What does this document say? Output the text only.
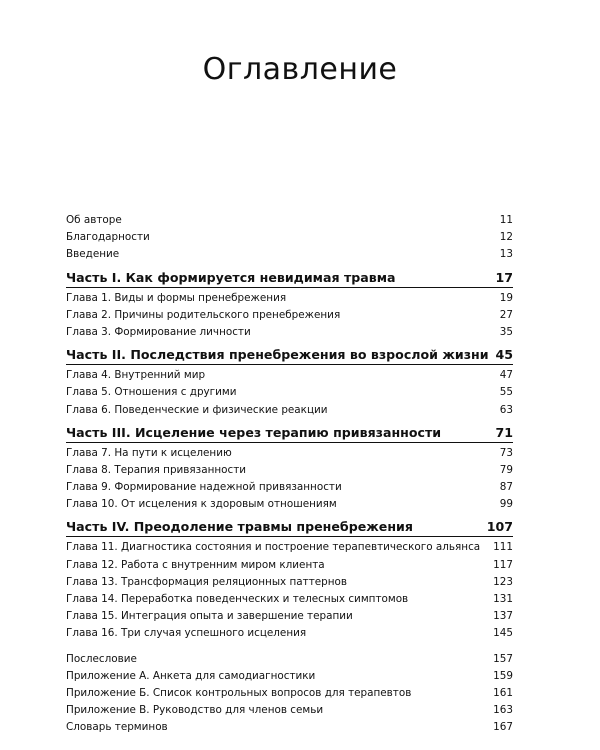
Оглавление
Об авторе	11
Благодарности	12
Введение	13
Часть I. Как формируется невидимая травма	17
Глава 1. Виды и формы пренебрежения	19
Глава 2. Причины родительского пренебрежения	27
Глава 3. Формирование личности	35
Часть II. Последствия пренебрежения во взрослой жизни 45
Глава 4. Внутренний мир	47
Глава 5. Отношения с другими	55
Глава 6. Поведенческие и физические реакции	63
Часть III. Исцеление через терапию привязанности	71
Глава 7. На пути к исцелению	73
Глава 8. Терапия привязанности	79
Глава 9. Формирование надежной привязанности	87
Глава 10. От исцеления к здоровым отношениям	99
Часть IV. Преодоление травмы пренебрежения	107
Глава 11. Диагностика состояния и построение терапевтического альянса 111
Глава 12. Работа с внутренним миром клиента	117
Глава 13. Трансформация реляционных паттернов	123
Глава 14. Переработка поведенческих и телесных симптомов	131
Глава 15. Интеграция опыта и завершение терапии	137
Глава 16. Три случая успешного исцеления	145
Послесловие	157
Приложение А. Анкета для самодиагностики	159
Приложение Б. Список контрольных вопросов для терапевтов	161
Приложение В. Руководство для членов семьи	163
Словарь терминов	167
